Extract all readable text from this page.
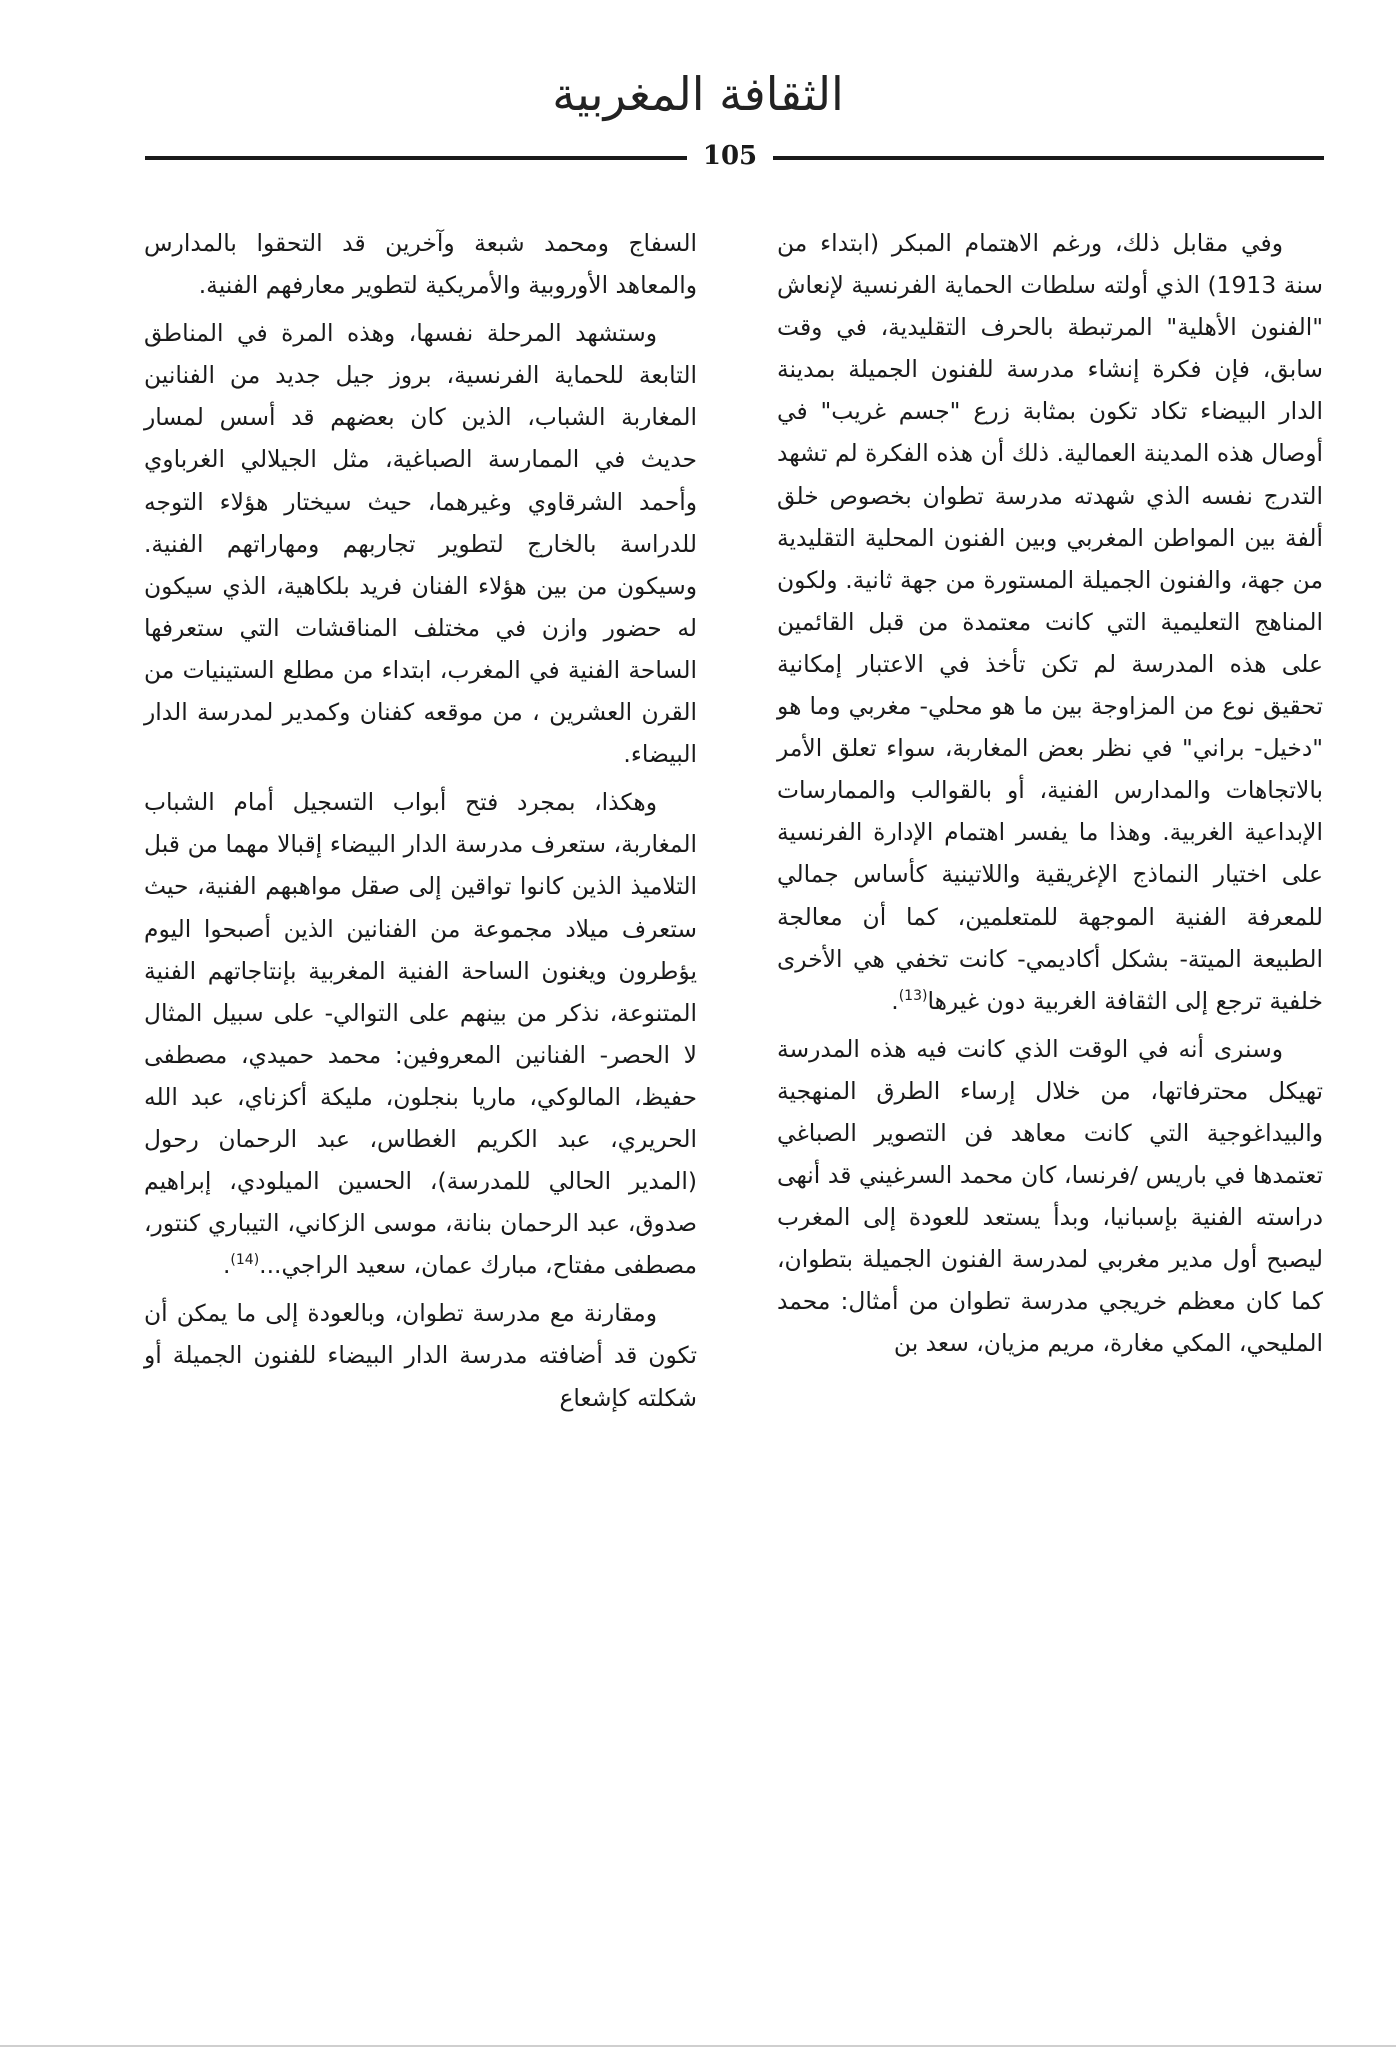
الثقافة المغربية
105

وفي مقابل ذلك، ورغم الاهتمام المبكر (ابتداء من سنة 1913) الذي أولته سلطات الحماية الفرنسية لإنعاش "الفنون الأهلية" المرتبطة بالحرف التقليدية، في وقت سابق، فإن فكرة إنشاء مدرسة للفنون الجميلة بمدينة الدار البيضاء تكاد تكون بمثابة زرع "جسم غريب" في أوصال هذه المدينة العمالية. ذلك أن هذه الفكرة لم تشهد التدرج نفسه الذي شهدته مدرسة تطوان بخصوص خلق ألفة بين المواطن المغربي وبين الفنون المحلية التقليدية من جهة، والفنون الجميلة المستورة من جهة ثانية. ولكون المناهج التعليمية التي كانت معتمدة من قبل القائمين على هذه المدرسة لم تكن تأخذ في الاعتبار إمكانية تحقيق نوع من المزاوجة بين ما هو محلي- مغربي وما هو "دخيل- براني" في نظر بعض المغاربة، سواء تعلق الأمر بالاتجاهات والمدارس الفنية، أو بالقوالب والممارسات الإبداعية الغربية. وهذا ما يفسر اهتمام الإدارة الفرنسية على اختيار النماذج الإغريقية واللاتينية كأساس جمالي للمعرفة الفنية الموجهة للمتعلمين، كما أن معالجة الطبيعة الميتة- بشكل أكاديمي- كانت تخفي هي الأخرى خلفية ترجع إلى الثقافة الغربية دون غيرها$^{(13)}$.

وسنرى أنه في الوقت الذي كانت فيه هذه المدرسة تهيكل محترفاتها، من خلال إرساء الطرق المنهجية والبيداغوجية التي كانت معاهد فن التصوير الصباغي تعتمدها في باريس /فرنسا، كان محمد السرغيني قد أنهى دراسته الفنية بإسبانيا، وبدأ يستعد للعودة إلى المغرب ليصبح أول مدير مغربي لمدرسة الفنون الجميلة بتطوان، كما كان معظم خريجي مدرسة تطوان من أمثال: محمد المليحي، المكي مغارة، مريم مزيان، سعد بن

السفاج ومحمد شبعة وآخرين قد التحقوا بالمدارس والمعاهد الأوروبية والأمريكية لتطوير معارفهم الفنية.

وستشهد المرحلة نفسها، وهذه المرة في المناطق التابعة للحماية الفرنسية، بروز جيل جديد من الفنانين المغاربة الشباب، الذين كان بعضهم قد أسس لمسار حديث في الممارسة الصباغية، مثل الجيلالي الغرباوي وأحمد الشرقاوي وغيرهما، حيث سيختار هؤلاء التوجه للدراسة بالخارج لتطوير تجاربهم ومهاراتهم الفنية. وسيكون من بين هؤلاء الفنان فريد بلكاهية، الذي سيكون له حضور وازن في مختلف المناقشات التي ستعرفها الساحة الفنية في المغرب، ابتداء من مطلع الستينيات من القرن العشرين ، من موقعه كفنان وكمدير لمدرسة الدار البيضاء.

وهكذا، بمجرد فتح أبواب التسجيل أمام الشباب المغاربة، ستعرف مدرسة الدار البيضاء إقبالا مهما من قبل التلاميذ الذين كانوا تواقين إلى صقل مواهبهم الفنية، حيث ستعرف ميلاد مجموعة من الفنانين الذين أصبحوا اليوم يؤطرون ويغنون الساحة الفنية المغربية بإنتاجاتهم الفنية المتنوعة، نذكر من بينهم على التوالي- على سبيل المثال لا الحصر- الفنانين المعروفين: محمد حميدي، مصطفى حفيظ، المالوكي، ماريا بنجلون، مليكة أكزناي، عبد الله الحريري، عبد الكريم الغطاس، عبد الرحمان رحول (المدير الحالي للمدرسة)، الحسين الميلودي، إبراهيم صدوق، عبد الرحمان بنانة، موسى الزكاني، التيباري كنتور، مصطفى مفتاح، مبارك عمان، سعيد الراجي...$^{(14)}$.

ومقارنة مع مدرسة تطوان، وبالعودة إلى ما يمكن أن تكون قد أضافته مدرسة الدار البيضاء للفنون الجميلة أو شكلته كإشعاع
